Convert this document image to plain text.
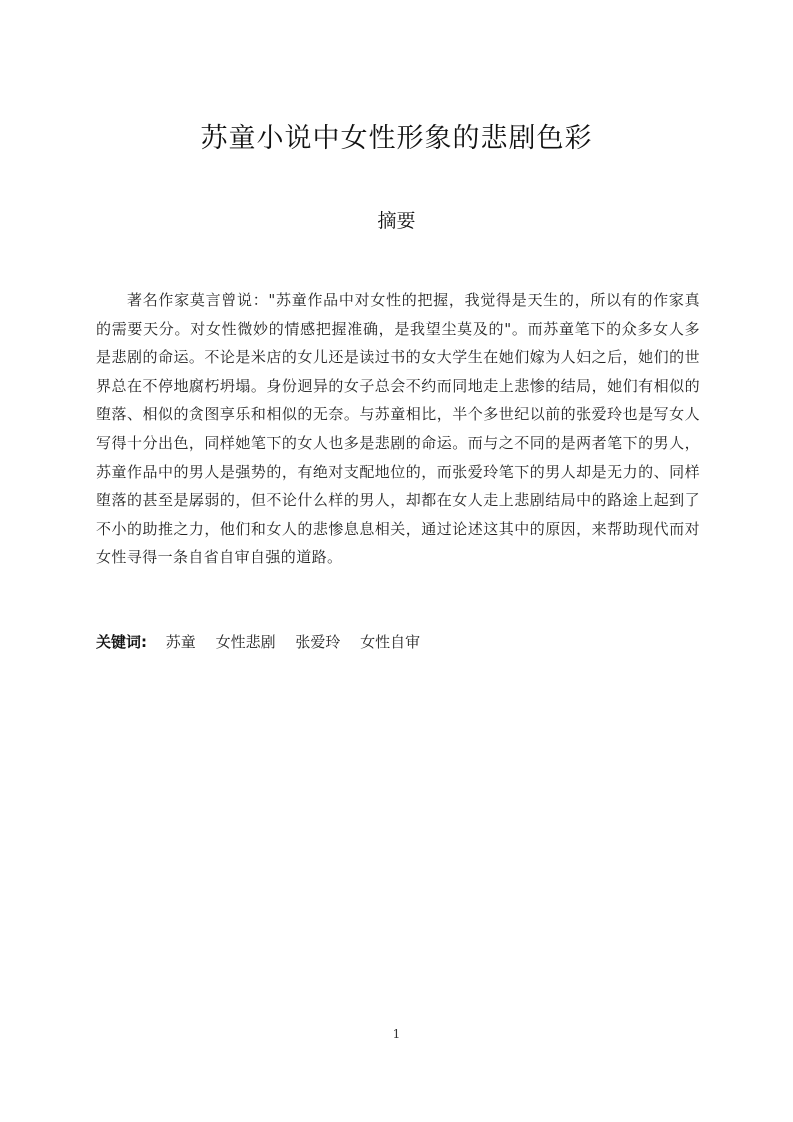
苏童小说中女性形象的悲剧色彩
摘要

著名作家莫言曾说："苏童作品中对女性的把握，我觉得是天生的，所以有的作家真的需要天分。对女性微妙的情感把握准确，是我望尘莫及的"。而苏童笔下的众多女人多是悲剧的命运。不论是米店的女儿还是读过书的女大学生在她们嫁为人妇之后，她们的世界总在不停地腐朽坍塌。身份迥异的女子总会不约而同地走上悲惨的结局，她们有相似的堕落、相似的贪图享乐和相似的无奈。与苏童相比，半个多世纪以前的张爱玲也是写女人写得十分出色，同样她笔下的女人也多是悲剧的命运。而与之不同的是两者笔下的男人，苏童作品中的男人是强势的，有绝对支配地位的，而张爱玲笔下的男人却是无力的、同样堕落的甚至是孱弱的，但不论什么样的男人，却都在女人走上悲剧结局中的路途上起到了不小的助推之力，他们和女人的悲惨息息相关，通过论述这其中的原因，来帮助现代而对女性寻得一条自省自审自强的道路。

关键词: 苏童 女性悲剧 张爱玲 女性自审
1
